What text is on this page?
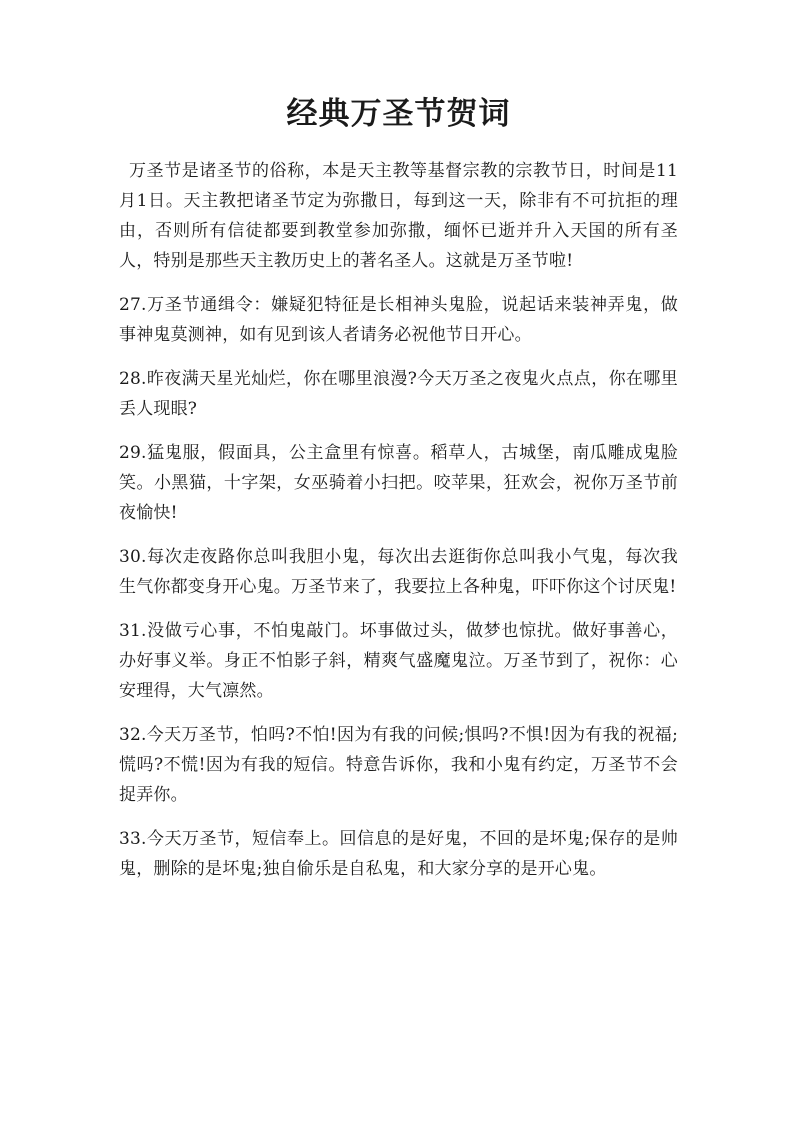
经典万圣节贺词

万圣节是诸圣节的俗称，本是天主教等基督宗教的宗教节日，时间是11月1日。天主教把诸圣节定为弥撒日，每到这一天，除非有不可抗拒的理由，否则所有信徒都要到教堂参加弥撒，缅怀已逝并升入天国的所有圣人，特别是那些天主教历史上的著名圣人。这就是万圣节啦!

27.万圣节通缉令：嫌疑犯特征是长相神头鬼脸，说起话来装神弄鬼，做事神鬼莫测神，如有见到该人者请务必祝他节日开心。

28.昨夜满天星光灿烂，你在哪里浪漫?今天万圣之夜鬼火点点，你在哪里丢人现眼?

29.猛鬼服，假面具，公主盒里有惊喜。稻草人，古城堡，南瓜雕成鬼脸笑。小黑猫，十字架，女巫骑着小扫把。咬苹果，狂欢会，祝你万圣节前夜愉快!

30.每次走夜路你总叫我胆小鬼，每次出去逛街你总叫我小气鬼，每次我生气你都变身开心鬼。万圣节来了，我要拉上各种鬼，吓吓你这个讨厌鬼!

31.没做亏心事，不怕鬼敲门。坏事做过头，做梦也惊扰。做好事善心，办好事义举。身正不怕影子斜，精爽气盛魔鬼泣。万圣节到了，祝你：心安理得，大气凛然。

32.今天万圣节，怕吗?不怕!因为有我的问候;惧吗?不惧!因为有我的祝福;慌吗?不慌!因为有我的短信。特意告诉你，我和小鬼有约定，万圣节不会捉弄你。

33.今天万圣节，短信奉上。回信息的是好鬼，不回的是坏鬼;保存的是帅鬼，删除的是坏鬼;独自偷乐是自私鬼，和大家分享的是开心鬼。
